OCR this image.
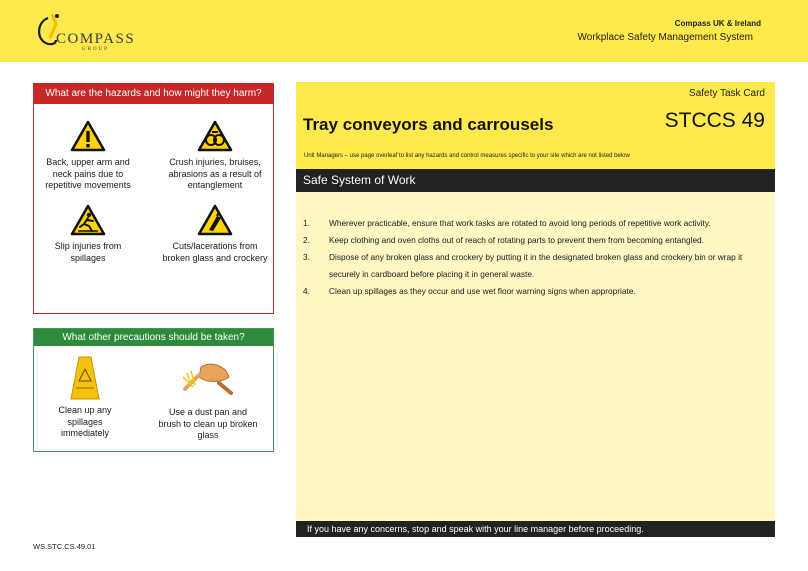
COMPASS
GROUP
Compass UK & Ireland
Workplace Safety Management System
What are the hazards and how might they harm?
Back, upper arm and neck pains due to repetitive movements
Crush injuries, bruises, abrasions as a result of entanglement
Slip injuries from spillages
Cuts/lacerations from broken glass and crockery
What other precautions should be taken?
Clean up any spillages immediately
Use a dust pan and brush to clean up broken glass
WS.STC.CS.49.01
Safety Task Card
Tray conveyors and carrousels	STCCS 49
Unit Managers – use page overleaf to list any hazards and control measures specific to your site which are not listed below
Safe System of Work
1.	Wherever practicable, ensure that work tasks are rotated to avoid long periods of repetitive work activity.
2.	Keep clothing and oven cloths out of reach of rotating parts to prevent them from becoming entangled.
3.	Dispose of any broken glass and crockery by putting it in the designated broken glass and crockery bin or wrap it securely in cardboard before placing it in general waste.
4.	Clean up spillages as they occur and use wet floor warning signs when appropriate.
If you have any concerns, stop and speak with your line manager before proceeding.
